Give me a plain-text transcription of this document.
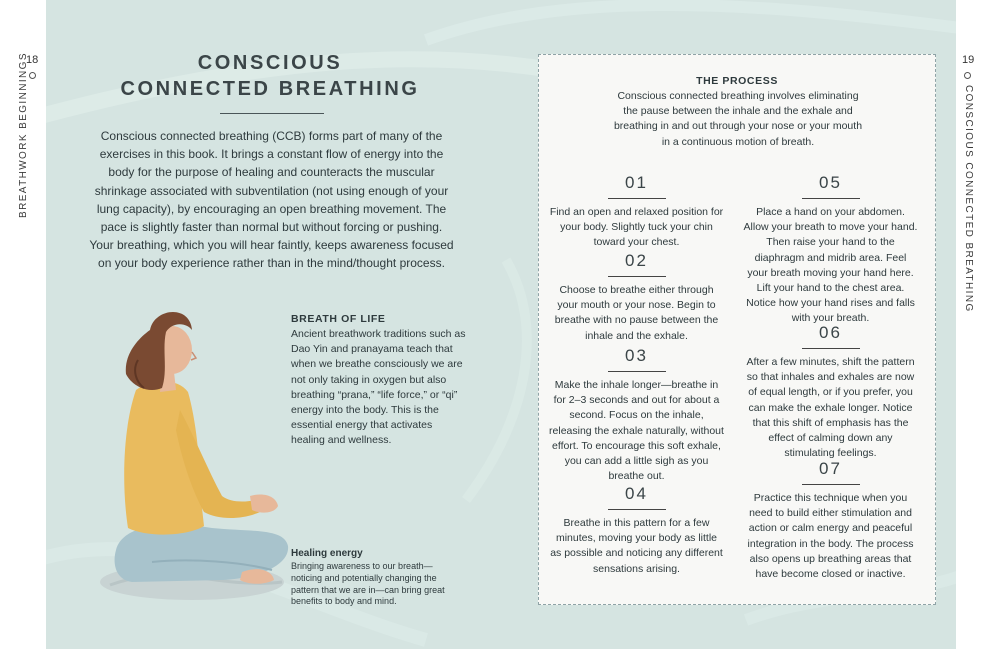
18
BREATHWORK BEGINNINGS	19
CONSCIOUS CONNECTED BREATHING
CONSCIOUS
CONNECTED BREATHING
Conscious connected breathing (CCB) forms part of many of the exercises in this book. It brings a constant flow of energy into the body for the purpose of healing and counteracts the muscular shrinkage associated with subventilation (not using enough of your lung capacity), by encouraging an open breathing movement. The pace is slightly faster than normal but without forcing or pushing. Your breathing, which you will hear faintly, keeps awareness focused on your body experience rather than in the mind/thought process.
BREATH OF LIFE
Ancient breathwork traditions such as Dao Yin and pranayama teach that when we breathe consciously we are not only taking in oxygen but also breathing “prana,” “life force,” or “qi” energy into the body. This is the essential energy that activates healing and wellness.
Healing energy
Bringing awareness to our breath—noticing and potentially changing the pattern that we are in—can bring great benefits to body and mind.
THE PROCESS
Conscious connected breathing involves eliminating the pause between the inhale and the exhale and breathing in and out through your nose or your mouth in a continuous motion of breath.
01
Find an open and relaxed position for your body. Slightly tuck your chin toward your chest.
02
Choose to breathe either through your mouth or your nose. Begin to breathe with no pause between the inhale and the exhale.
03
Make the inhale longer—breathe in for 2–3 seconds and out for about a second. Focus on the inhale, releasing the exhale naturally, without effort. To encourage this soft exhale, you can add a little sigh as you breathe out.
04
Breathe in this pattern for a few minutes, moving your body as little as possible and noticing any different sensations arising.
05
Place a hand on your abdomen. Allow your breath to move your hand. Then raise your hand to the diaphragm and midrib area. Feel your breath moving your hand here. Lift your hand to the chest area. Notice how your hand rises and falls with your breath.
06
After a few minutes, shift the pattern so that inhales and exhales are now of equal length, or if you prefer, you can make the exhale longer. Notice that this shift of emphasis has the effect of calming down any stimulating feelings.
07
Practice this technique when you need to build either stimulation and action or calm energy and peaceful integration in the body. The process also opens up breathing areas that have become closed or inactive.
